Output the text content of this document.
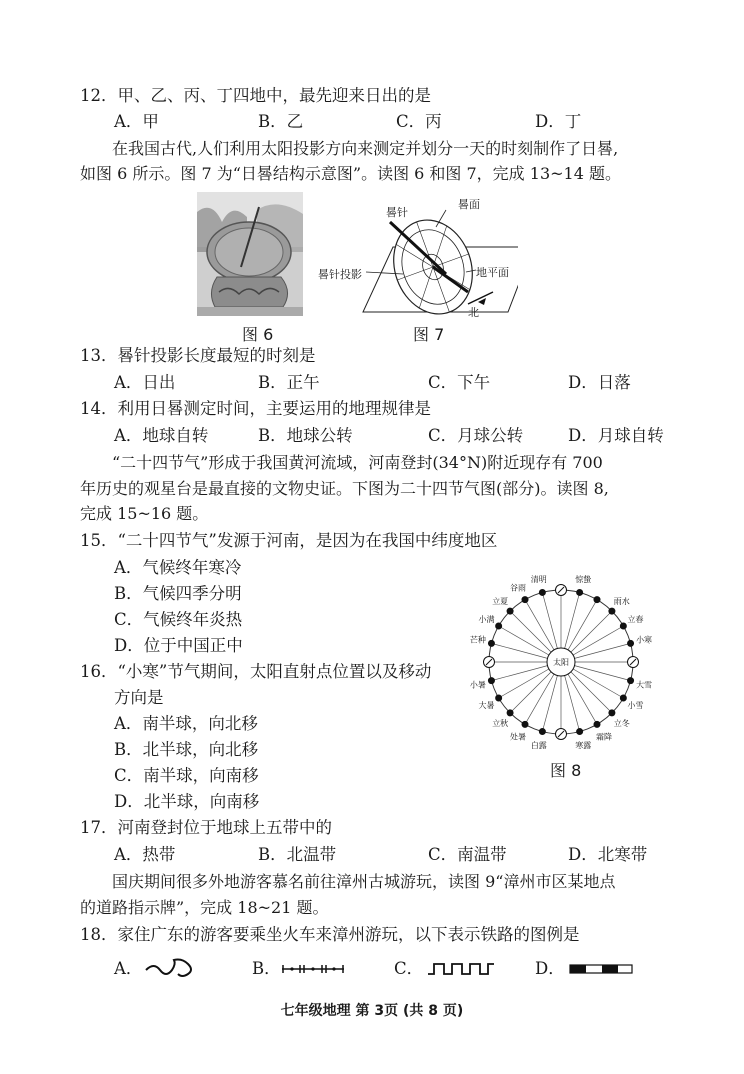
12．甲、乙、丙、丁四地中，最先迎来日出的是
A．甲	B．乙	C．丙	D．丁
在我国古代,人们利用太阳投影方向来测定并划分一天的时刻制作了日晷,
如图 6 所示。图 7 为“日晷结构示意图”。读图 6 和图 7，完成 13~14 题。
图 6
晷针
晷面
晷针投影	地平面
北
图 7
13．晷针投影长度最短的时刻是
A．日出	B．正午	C．下午	D．日落
14．利用日晷测定时间，主要运用的地理规律是
A．地球自转	B．地球公转	C．月球公转	D．月球自转
“二十四节气”形成于我国黄河流域，河南登封(34°N)附近现存有 700
年历史的观星台是最直接的文物史证。下图为二十四节气图(部分)。读图 8,
完成 15~16 题。
15．“二十四节气”发源于河南，是因为在我国中纬度地区
A．气候终年寒冷
B．气候四季分明
C．气候终年炎热
D．位于中国正中
16．“小寒”节气期间，太阳直射点位置以及移动
方向是
A．南半球，向北移
B．北半球，向北移
C．南半球，向南移
D．北半球，向南移
太阳
清明
谷雨
立夏
小满
芒种
小暑
大暑
立秋
处暑
白露	寒露
霜降
立冬
小雪
大雪
小寒
立春
雨水
惊蛰
图 8
17．河南登封位于地球上五带中的
A．热带	B．北温带	C．南温带	D．北寒带
国庆期间很多外地游客慕名前往漳州古城游玩，读图 9“漳州市区某地点
的道路指示牌”，完成 18~21 题。
18．家住广东的游客要乘坐火车来漳州游玩，以下表示铁路的图例是
A．	B．	C．	D．
七年级地理 第 3页 (共 8 页)
